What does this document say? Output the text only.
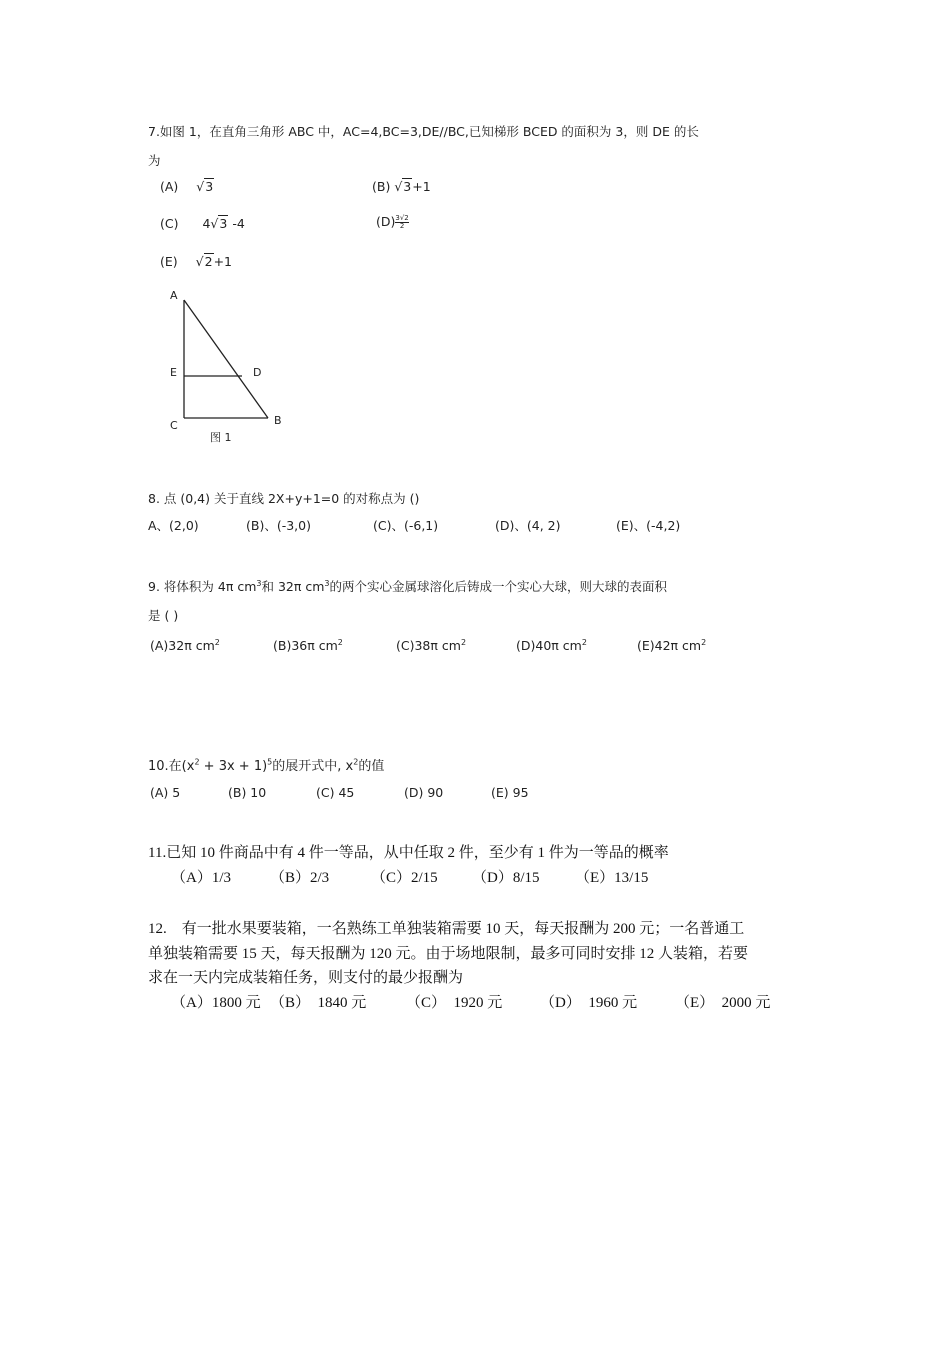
7.如图 1，在直角三角形 ABC 中，AC=4,BC=3,DE//BC,已知梯形 BCED 的面积为 3，则 DE 的长
为
(A) √3	(B) √3+1
(C) 4√3 -4	$(D) \frac{3√2}{2}$
(E) √2+1
A
E	D
C	B
图 1
8. 点 (0,4) 关于直线 2X+y+1=0 的对称点为 ()
A、(2,0)	(B)、(-3,0)	(C)、(-6,1)	(D)、(4, 2)	(E)、(-4,2)
9. 将体积为 4π $cm^3$和 32π $cm^3$的两个实心金属球溶化后铸成一个实心大球，则大球的表面积
是 ( )
(A)32π $cm^2$	(B)36π $cm^2$	(C)38π $cm^2$	(D)40π $cm^2$	(E)42π $cm^2$
10.在$(x^2 + 3x + 1)^5$的展开式中, $x^2$的值
(A) 5	(B) 10	(C) 45	(D) 90	(E) 95
11.已知 10 件商品中有 4 件一等品，从中任取 2 件，至少有 1 件为一等品的概率
（A）1/3	（B）2/3	（C）2/15 （D）8/15 （E）13/15
12.　有一批水果要装箱，一名熟练工单独装箱需要 10 天，每天报酬为 200 元；一名普通工
单独装箱需要 15 天，每天报酬为 120 元。由于场地限制，最多可同时安排 12 人装箱，若要
求在一天内完成装箱任务，则支付的最少报酬为
（A）1800 元 （B）　1840 元	（C）　1920 元	（D）　1960 元	（E）　2000 元
